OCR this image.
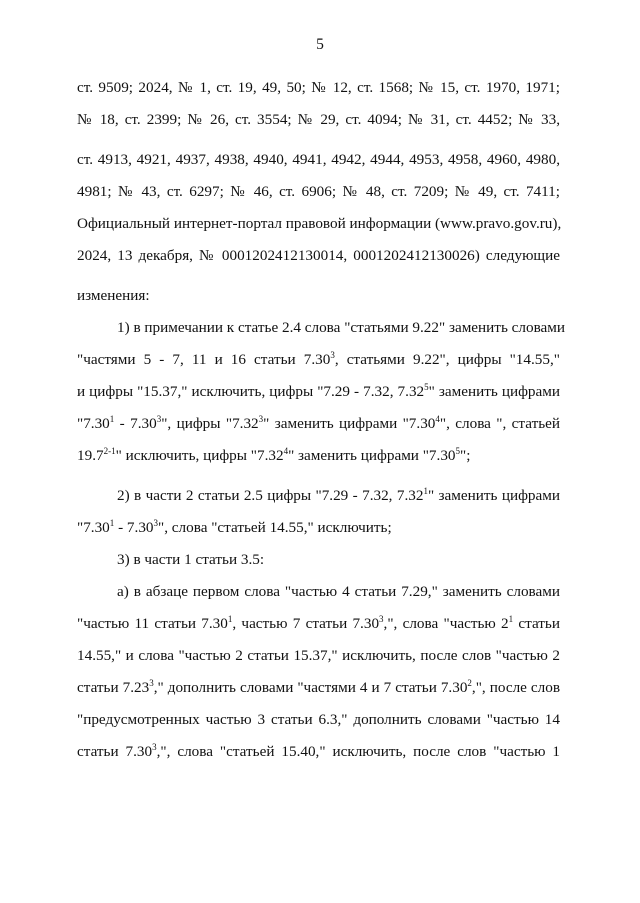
5
ст. 9509; 2024, № 1, ст. 19, 49, 50; № 12, ст. 1568; № 15, ст. 1970, 1971;
№ 18, ст. 2399; № 26, ст. 3554; № 29, ст. 4094; № 31, ст. 4452; № 33,
ст. 4913, 4921, 4937, 4938, 4940, 4941, 4942, 4944, 4953, 4958, 4960, 4980,
4981; № 43, ст. 6297; № 46, ст. 6906; № 48, ст. 7209; № 49, ст. 7411;
Официальный интернет-портал правовой информации (www.pravo.gov.ru),
2024, 13 декабря, № 0001202412130014, 0001202412130026) следующие
изменения:
1) в примечании к статье 2.4 слова "статьями 9.22" заменить словами
"частями 5 - 7, 11 и 16 статьи 7.30$^3$, статьями 9.22", цифры "14.55,"
и цифры "15.37," исключить, цифры "7.29 - 7.32, 7.32$^5$" заменить цифрами
"7.30$^1$ - 7.30$^3$", цифры "7.32$^3$" заменить цифрами "7.30$^4$", слова ", статьей
19.7$^{2-1}$" исключить, цифры "7.32$^4$" заменить цифрами "7.30$^5$";
2) в части 2 статьи 2.5 цифры "7.29 - 7.32, 7.32$^1$" заменить цифрами
"7.30$^1$ - 7.30$^3$", слова "статьей 14.55," исключить;
3) в части 1 статьи 3.5:
а) в абзаце первом слова "частью 4 статьи 7.29," заменить словами
"частью 11 статьи 7.30$^1$, частью 7 статьи 7.30$^3$,", слова "частью $2^1$ статьи
14.55," и слова "частью 2 статьи 15.37," исключить, после слов "частью 2
статьи 7.23$^3$," дополнить словами "частями 4 и 7 статьи 7.30$^2$,", после слов
"предусмотренных частью 3 статьи 6.3," дополнить словами "частью 14
статьи 7.30$^3$,", слова "статьей 15.40," исключить, после слов "частью 1
